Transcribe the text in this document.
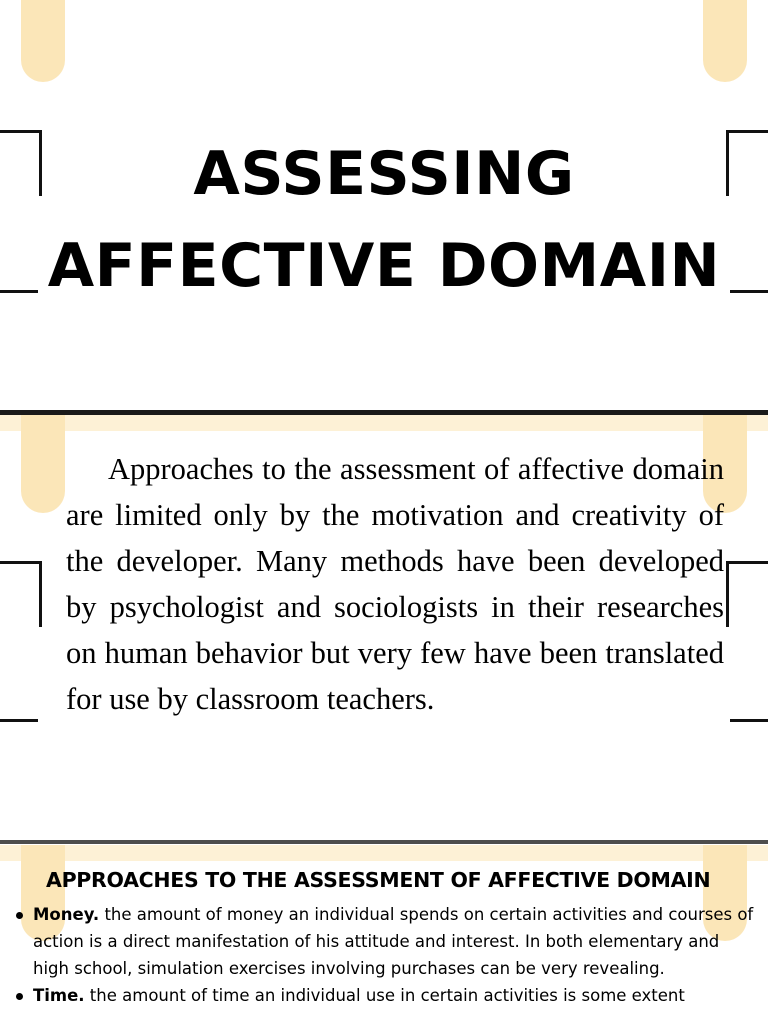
ASSESSING
AFFECTIVE DOMAIN

Approaches to the assessment of affective domain are limited only by the motivation and creativity of the developer. Many methods have been developed by psychologist and sociologists in their researches on human behavior but very few have been translated for use by classroom teachers.

APPROACHES TO THE ASSESSMENT OF AFFECTIVE DOMAIN
Money. the amount of money an individual spends on certain activities and courses of action is a direct manifestation of his attitude and interest. In both elementary and high school, simulation exercises involving purchases can be very revealing.
Time. the amount of time an individual use in certain activities is some extent
